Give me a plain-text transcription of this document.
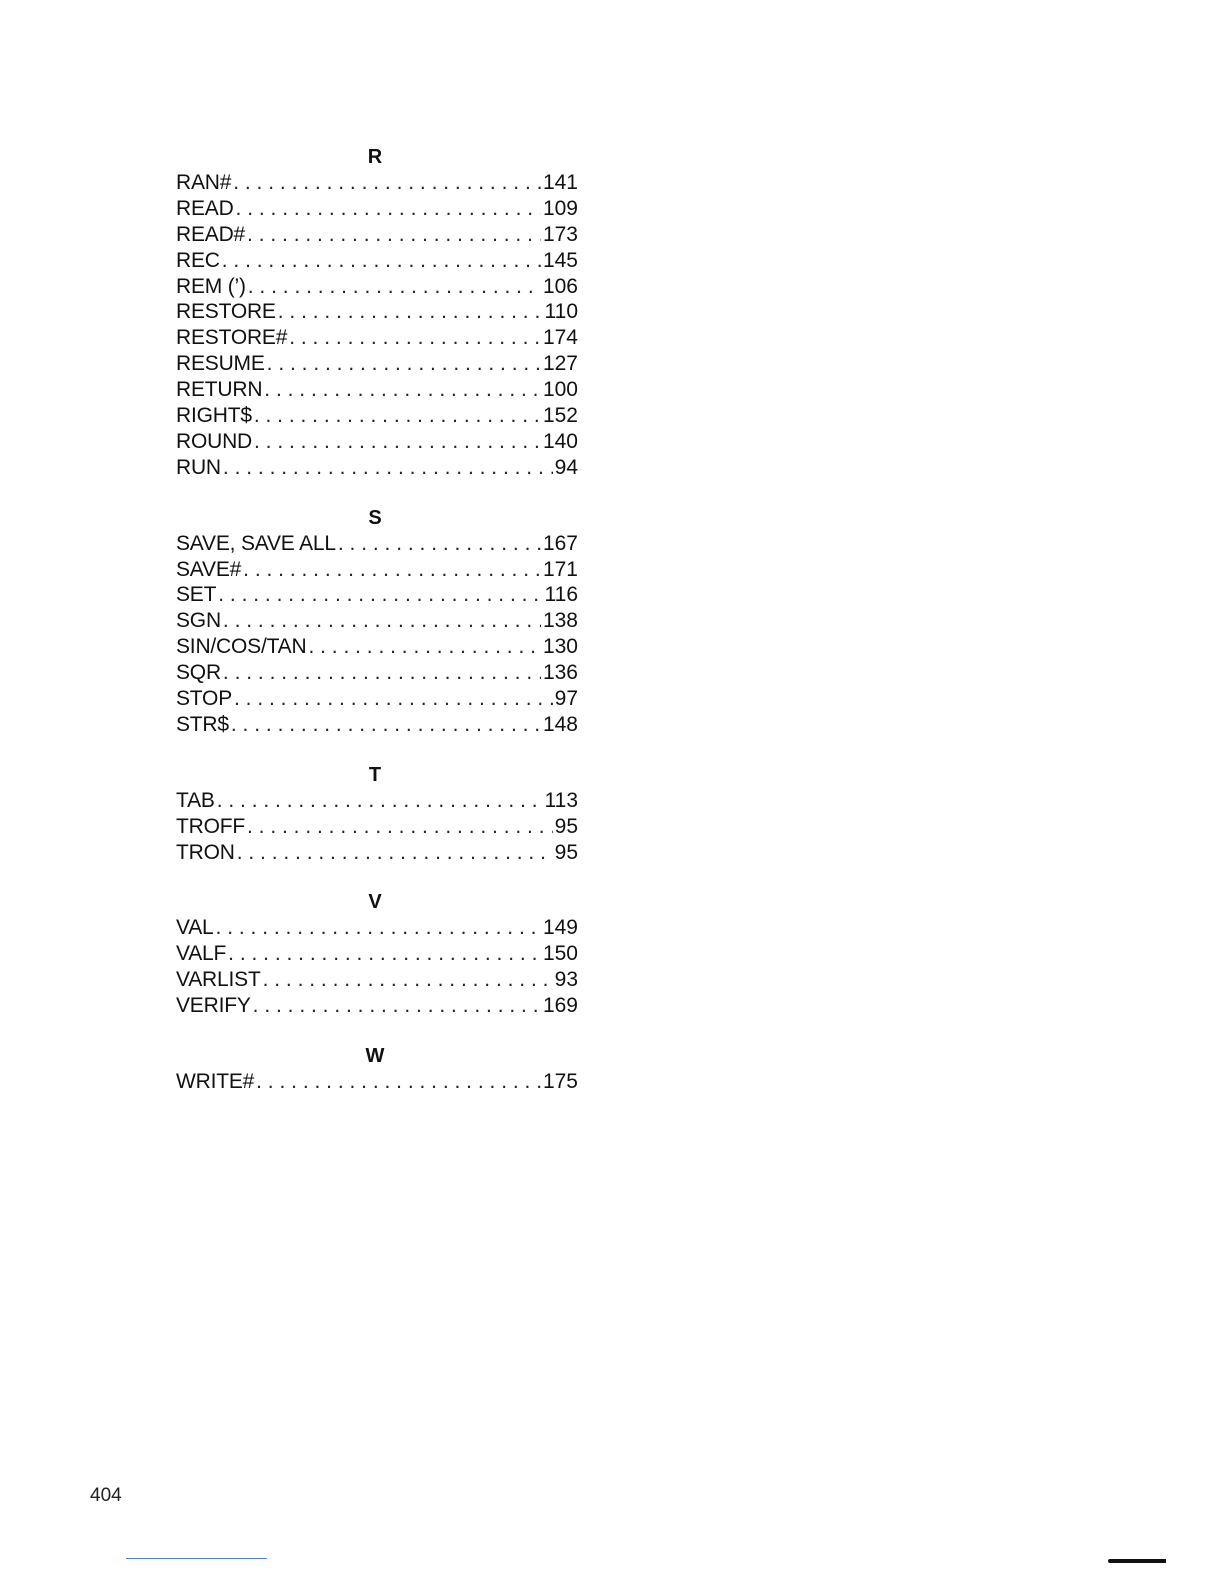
R
RAN# . . .	141
READ . . .	109
READ# . . .	173
REC . . .	145
REM (’) . . .	106
RESTORE . . .	110
RESTORE# . . .	174
RESUME . . .	127
RETURN . . .	100
RIGHT$ . . .	152
ROUND . . .	140
RUN . . .	94
S
SAVE, SAVE ALL . . .	167
SAVE# . . .	171
SET . . .	116
SGN . . .	138
SIN/COS/TAN . . .	130
SQR . . .	136
STOP . . .	97
STR$ . . .	148
T
TAB . . .	113
TROFF . . .	95
TRON . . .	95
V
VAL . . .	149
VALF . . .	150
VARLIST . . .	93
VERIFY . . .	169
W
WRITE# . . .	175
404
